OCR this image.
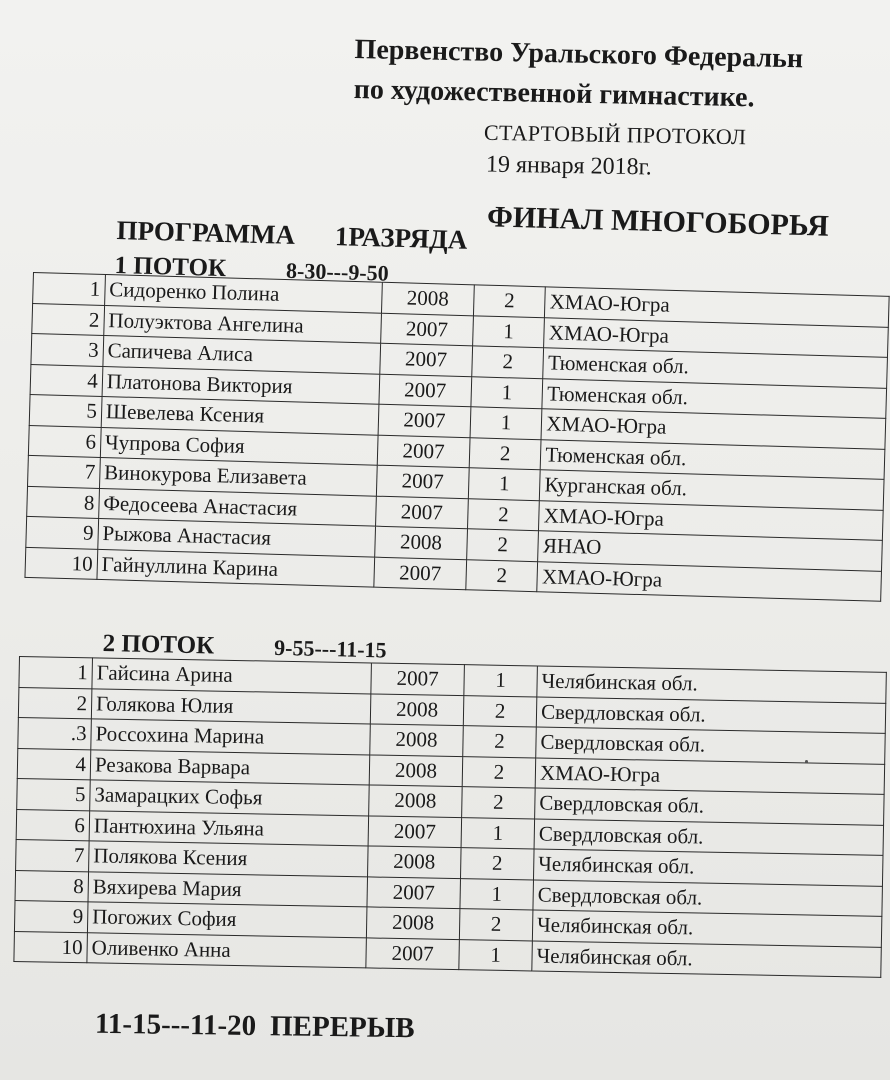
Первенство Уральского Федеральн
по художественной гимнастике.
СТАРТОВЫЙ ПРОТОКОЛ
19 января 2018г.
ФИНАЛ МНОГОБОРЬЯ
ПРОГРАММА 1РАЗРЯДА
1 ПОТОК	8-30---9-50
1	Сидоренко Полина	2008	2	ХМАО-Югра
2	Полуэктова Ангелина	2007	1	ХМАО-Югра
3	Сапичева Алиса	2007	2	Тюменская обл.
4	Платонова Виктория	2007	1	Тюменская обл.
5	Шевелева Ксения	2007	1	ХМАО-Югра
6	Чупрова София	2007	2	Тюменская обл.
7	Винокурова Елизавета	2007	1	Курганская обл.
8	Федосеева Анастасия	2007	2	ХМАО-Югра
9	Рыжова Анастасия	2008	2	ЯНАО
10	Гайнуллина Карина	2007	2	ХМАО-Югра
2 ПОТОК	9-55---11-15
1	Гайсина Арина	2007	1	Челябинская обл.
2	Голякова Юлия	2008	2	Свердловская обл.
.3	Россохина Марина	2008	2	Свердловская обл.
4	Резакова Варвара	2008	2	ХМАО-Югра
5	Замарацких Софья	2008	2	Свердловская обл.
6	Пантюхина Ульяна	2007	1	Свердловская обл.
7	Полякова Ксения	2008	2	Челябинская обл.
8	Вяхирева Мария	2007	1	Свердловская обл.
9	Погожих София	2008	2	Челябинская обл.
10	Оливенко Анна	2007	1	Челябинская обл.
11-15---11-20 ПЕРЕРЫВ
